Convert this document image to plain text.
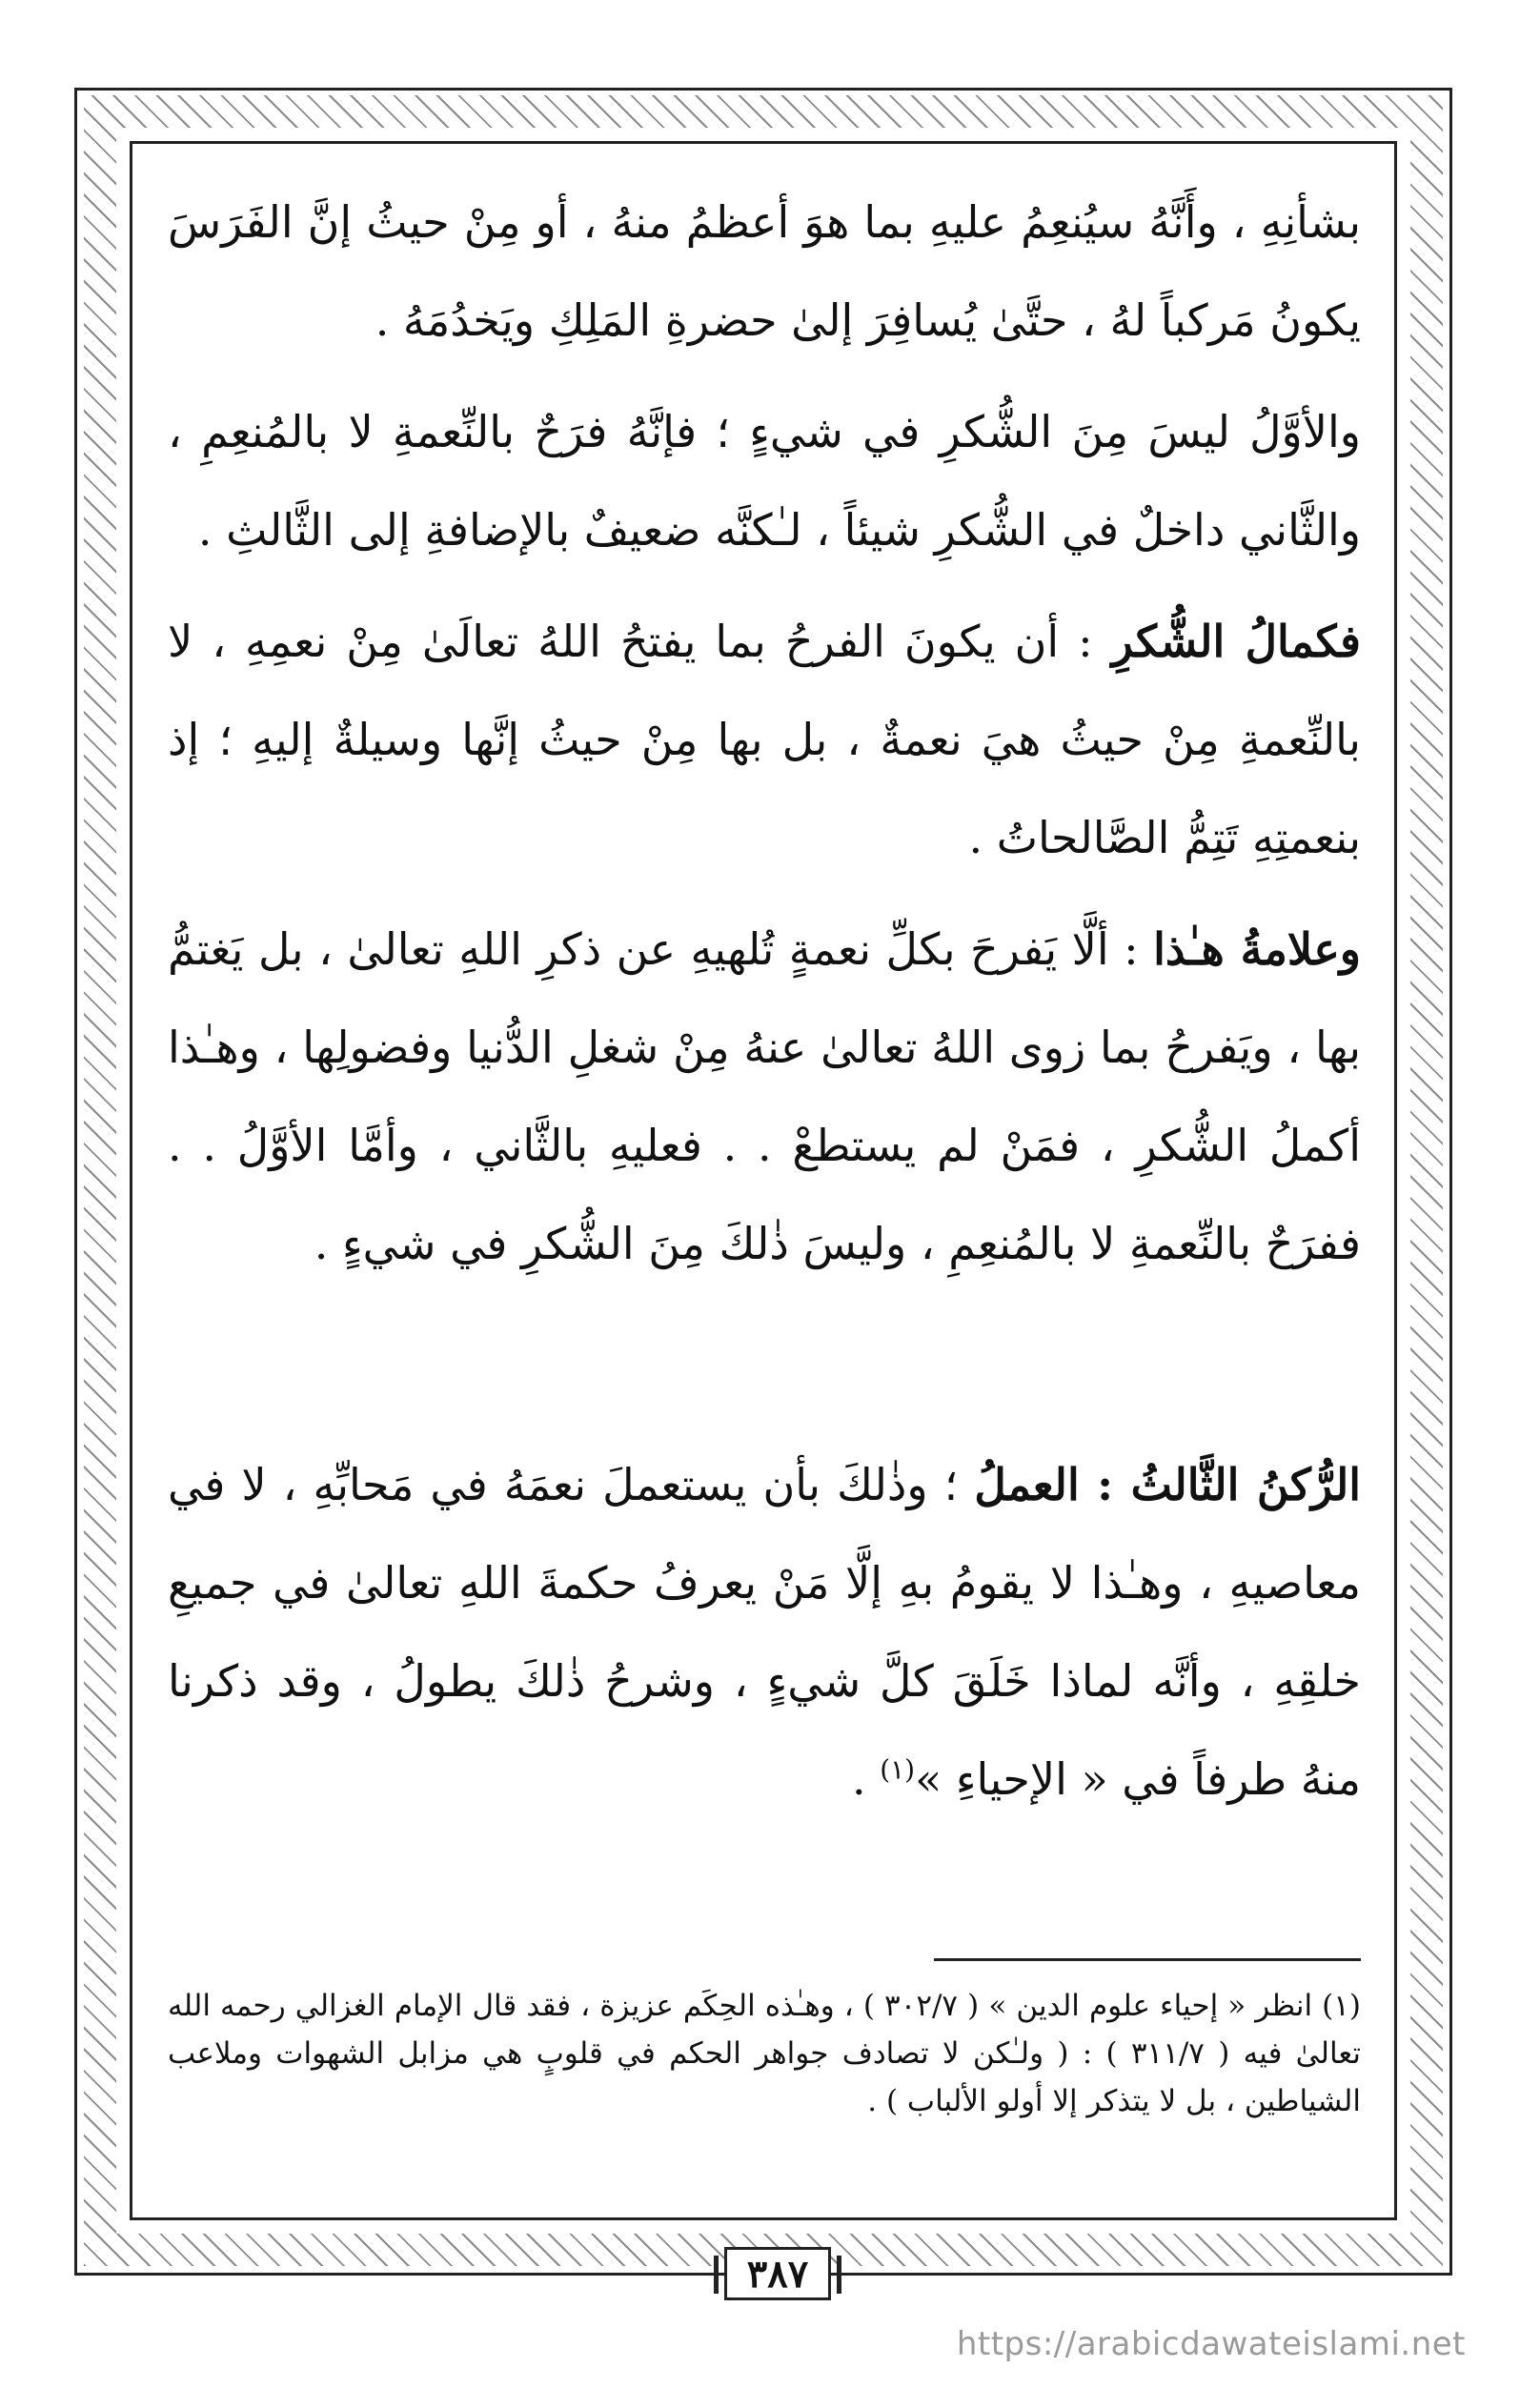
بشأنِهِ ، وأَنَّهُ سيُنعِمُ عليهِ بما هوَ أعظمُ منهُ ، أو مِنْ حيثُ إنَّ الفَرَسَ يكونُ مَركباً لهُ ، حتَّىٰ يُسافِرَ إلىٰ حضرةِ المَلِكِ ويَخدُمَهُ .

والأوَّلُ ليسَ مِنَ الشُّكرِ في شيءٍ ؛ فإنَّهُ فرَحٌ بالنِّعمةِ لا بالمُنعِمِ ، والثَّاني داخلٌ في الشُّكرِ شيئاً ، لـٰكنَّه ضعيفٌ بالإضافةِ إلى الثَّالثِ .

فكمالُ الشُّكرِ : أن يكونَ الفرحُ بما يفتحُ اللهُ تعالَىٰ مِنْ نعمِهِ ، لا بالنِّعمةِ مِنْ حيثُ هيَ نعمةٌ ، بل بها مِنْ حيثُ إنَّها وسيلةٌ إليهِ ؛ إذ بنعمتِهِ تَتِمُّ الصَّالحاتُ .

وعلامةُ هـٰذا : ألَّا يَفرحَ بكلِّ نعمةٍ تُلهيهِ عن ذكرِ اللهِ تعالىٰ ، بل يَغتمُّ بها ، ويَفرحُ بما زوى اللهُ تعالىٰ عنهُ مِنْ شغلِ الدُّنيا وفضولِها ، وهـٰذا أكملُ الشُّكرِ ، فمَنْ لم يستطعْ . . فعليهِ بالثَّاني ، وأمَّا الأوَّلُ . . ففرَحٌ بالنِّعمةِ لا بالمُنعِمِ ، وليسَ ذٰلكَ مِنَ الشُّكرِ في شيءٍ .

الرُّكنُ الثَّالثُ : العملُ ؛ وذٰلكَ بأن يستعملَ نعمَهُ في مَحابِّهِ ، لا في معاصيهِ ، وهـٰذا لا يقومُ بهِ إلَّا مَنْ يعرفُ حكمةَ اللهِ تعالىٰ في جميعِ خلقِهِ ، وأنَّه لماذا خَلَقَ كلَّ شيءٍ ، وشرحُ ذٰلكَ يطولُ ، وقد ذكرنا منهُ طرفاً في « الإحياءِ »$^{(١)}$ .

(١) انظر « إحياء علوم الدين » ( ٣٠٢/٧ ) ، وهـٰذه الحِكَم عزيزة ، فقد قال الإمام الغزالي رحمه الله تعالىٰ فيه ( ٣١١/٧ ) : ( ولـٰكن لا تصادف جواهر الحكم في قلوبٍ هي مزابل الشهوات وملاعب الشياطين ، بل لا يتذكر إلا أولو الألباب ) .

٣٨٧
https://arabicdawateislami.net
